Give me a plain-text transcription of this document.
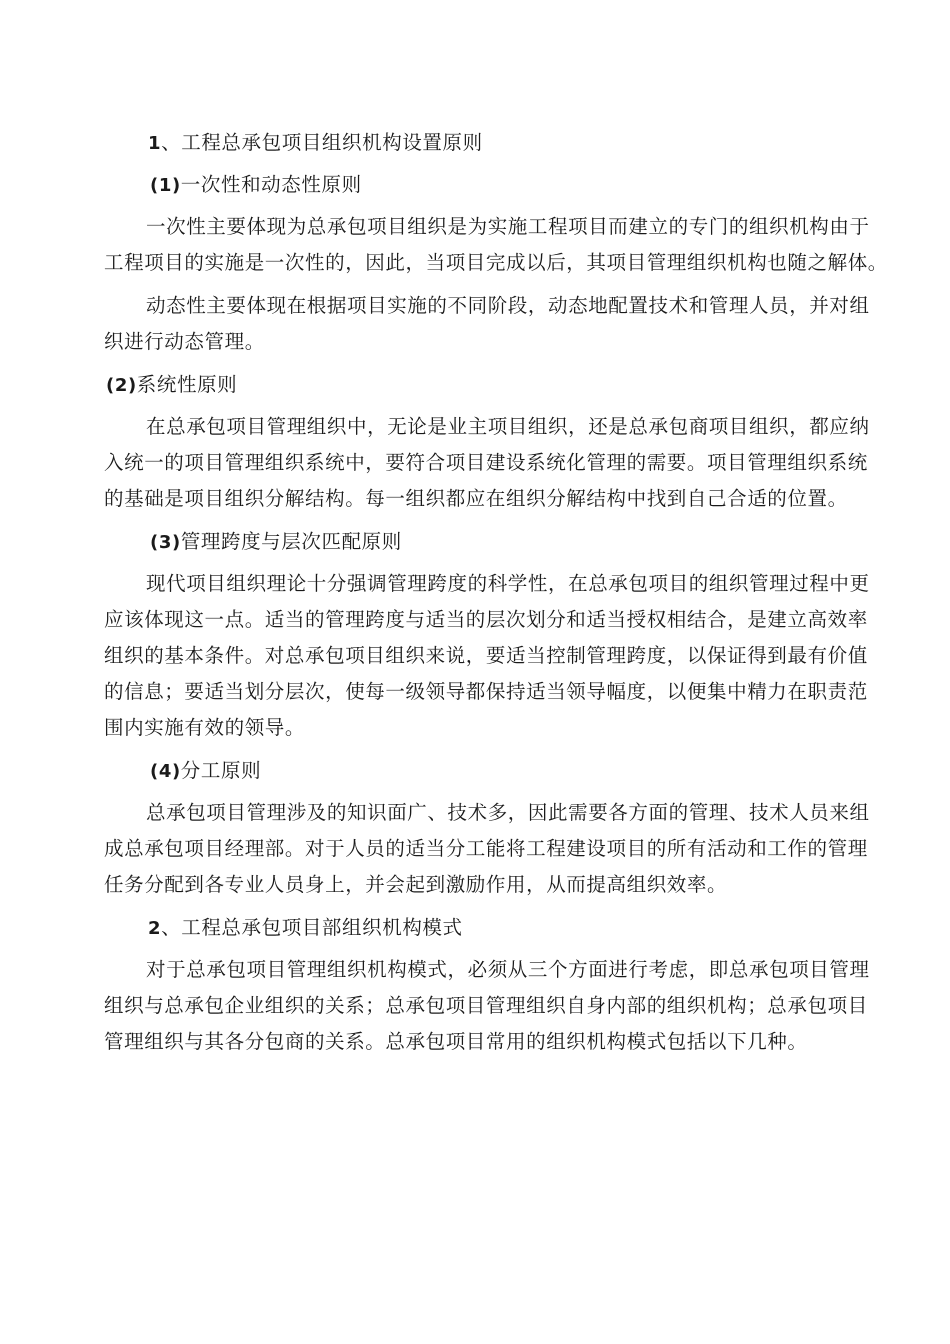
1、工程总承包项目组织机构设置原则
(1)一次性和动态性原则
一次性主要体现为总承包项目组织是为实施工程项目而建立的专门的组织机构由于
工程项目的实施是一次性的，因此，当项目完成以后，其项目管理组织机构也随之解体。
动态性主要体现在根据项目实施的不同阶段，动态地配置技术和管理人员，并对组
织进行动态管理。
(2)系统性原则
在总承包项目管理组织中，无论是业主项目组织，还是总承包商项目组织，都应纳
入统一的项目管理组织系统中，要符合项目建设系统化管理的需要。项目管理组织系统
的基础是项目组织分解结构。每一组织都应在组织分解结构中找到自己合适的位置。
(3)管理跨度与层次匹配原则
现代项目组织理论十分强调管理跨度的科学性，在总承包项目的组织管理过程中更
应该体现这一点。适当的管理跨度与适当的层次划分和适当授权相结合，是建立高效率
组织的基本条件。对总承包项目组织来说，要适当控制管理跨度，以保证得到最有价值
的信息；要适当划分层次，使每一级领导都保持适当领导幅度，以便集中精力在职责范
围内实施有效的领导。
(4)分工原则
总承包项目管理涉及的知识面广、技术多，因此需要各方面的管理、技术人员来组
成总承包项目经理部。对于人员的适当分工能将工程建设项目的所有活动和工作的管理
任务分配到各专业人员身上，并会起到激励作用，从而提高组织效率。
2、工程总承包项目部组织机构模式
对于总承包项目管理组织机构模式，必须从三个方面进行考虑，即总承包项目管理
组织与总承包企业组织的关系；总承包项目管理组织自身内部的组织机构；总承包项目
管理组织与其各分包商的关系。总承包项目常用的组织机构模式包括以下几种。
